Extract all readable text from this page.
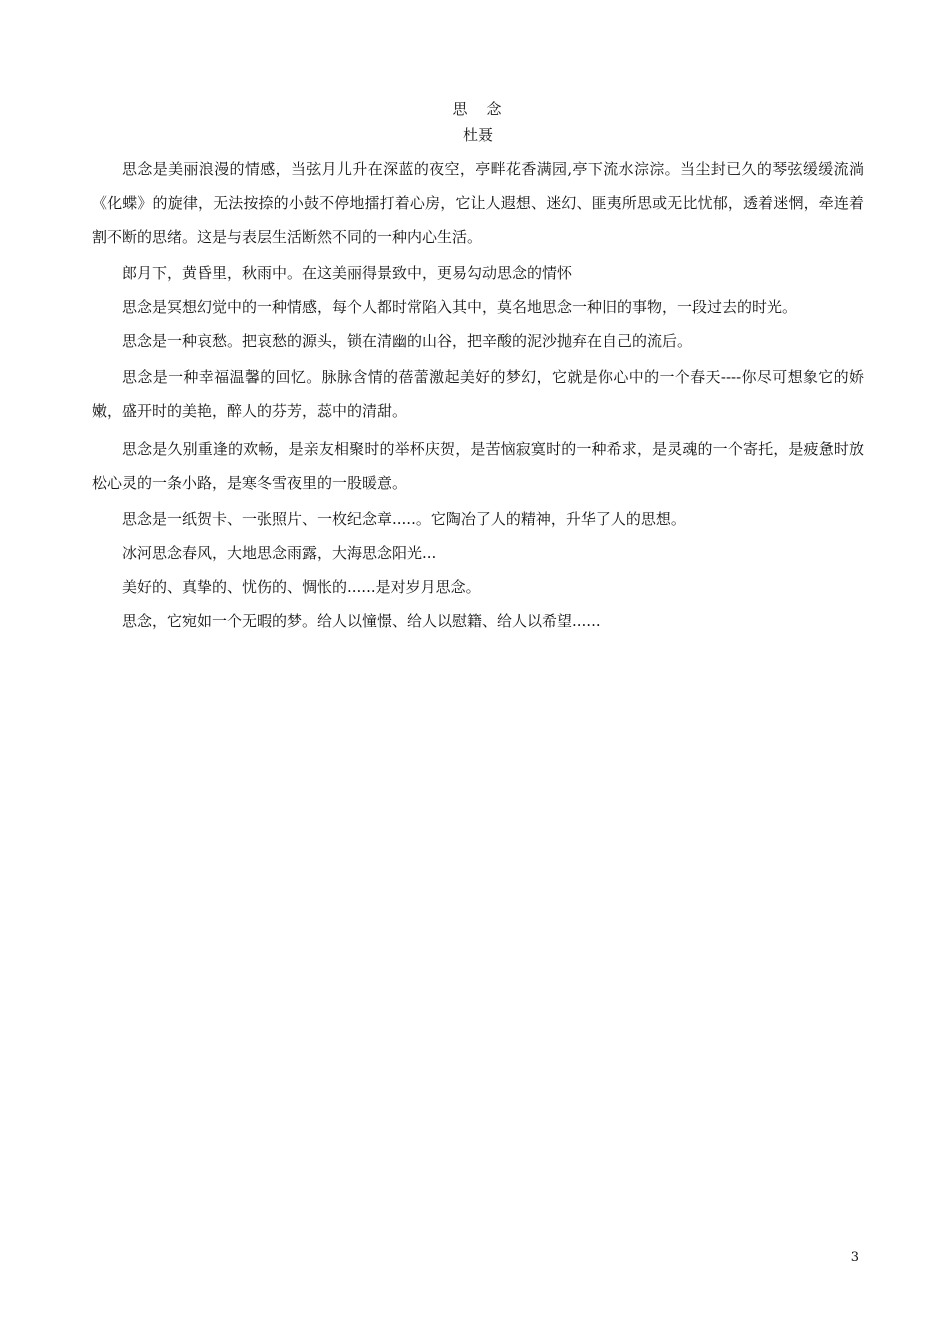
思　念

杜聂

思念是美丽浪漫的情感，当弦月儿升在深蓝的夜空，亭畔花香满园,亭下流水淙淙。当尘封已久的琴弦缓缓流淌《化蝶》的旋律，无法按捺的小鼓不停地擂打着心房，它让人遐想、迷幻、匪夷所思或无比忧郁，透着迷惘，牵连着割不断的思绪。这是与表层生活断然不同的一种内心生活。

郎月下，黄昏里，秋雨中。在这美丽得景致中，更易勾动思念的情怀

思念是冥想幻觉中的一种情感，每个人都时常陷入其中，莫名地思念一种旧的事物，一段过去的时光。

思念是一种哀愁。把哀愁的源头，锁在清幽的山谷，把辛酸的泥沙抛弃在自己的流后。

思念是一种幸福温馨的回忆。脉脉含情的蓓蕾激起美好的梦幻，它就是你心中的一个春天----你尽可想象它的娇嫩，盛开时的美艳，醉人的芬芳，蕊中的清甜。

思念是久别重逢的欢畅，是亲友相聚时的举杯庆贺，是苦恼寂寞时的一种希求，是灵魂的一个寄托，是疲惫时放松心灵的一条小路，是寒冬雪夜里的一股暖意。

思念是一纸贺卡、一张照片、一枚纪念章.....。它陶冶了人的精神，升华了人的思想。

冰河思念春风，大地思念雨露，大海思念阳光...

美好的、真挚的、忧伤的、惆怅的......是对岁月思念。

思念，它宛如一个无暇的梦。给人以憧憬、给人以慰籍、给人以希望......

3
